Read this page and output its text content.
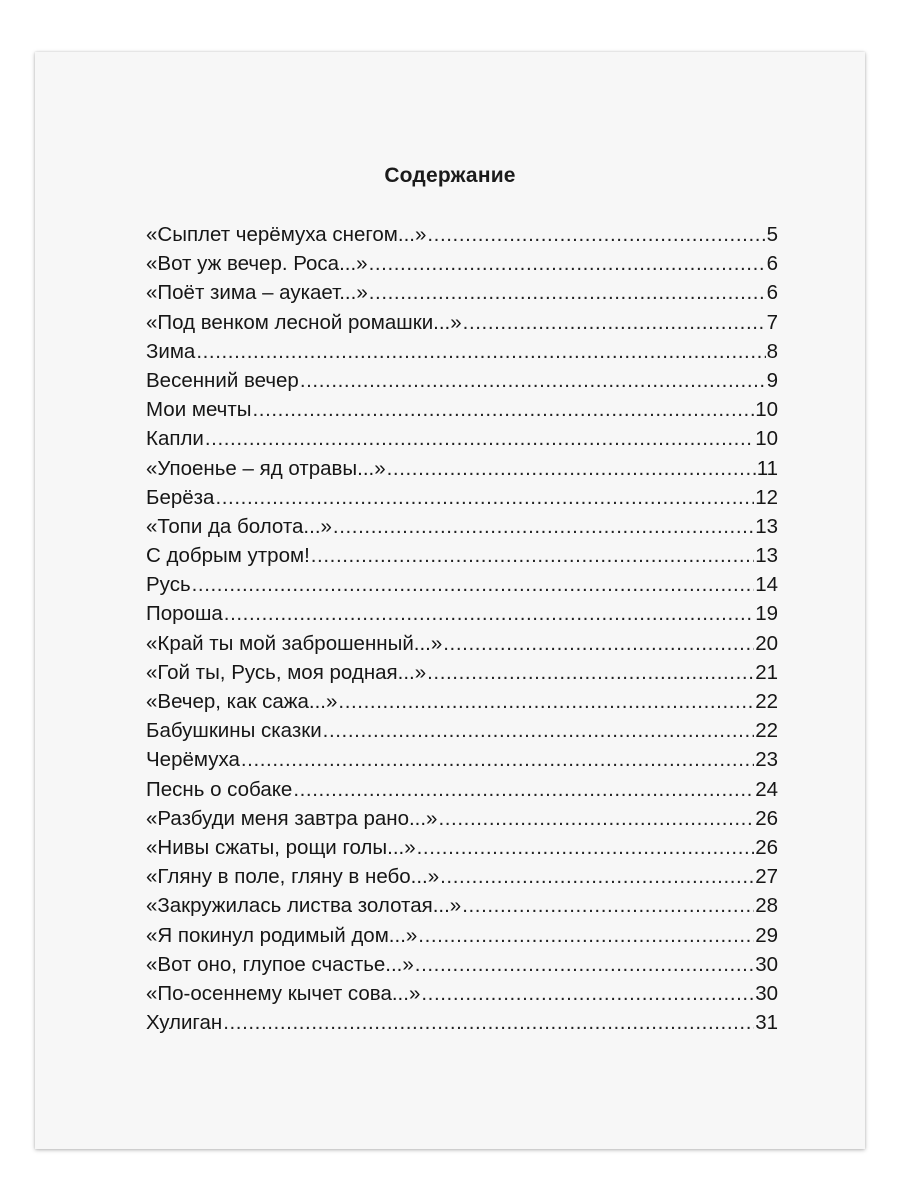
Содержание
«Сыплет черёмуха снегом...» .....	5
«Вот уж вечер. Роса...» .....	6
«Поёт зима – аукает...» .....	6
«Под венком лесной ромашки...» .....	7
Зима .....	8
Весенний вечер .....	9
Мои мечты .....	10
Капли .....	10
«Упоенье – яд отравы...» .....	11
Берёза .....	12
«Топи да болота...» .....	13
С добрым утром! .....	13
Русь .....	14
Пороша .....	19
«Край ты мой заброшенный...» .....	20
«Гой ты, Русь, моя родная...» .....	21
«Вечер, как сажа...» .....	22
Бабушкины сказки .....	22
Черёмуха .....	23
Песнь о собаке .....	24
«Разбуди меня завтра рано...» .....	26
«Нивы сжаты, рощи голы...» .....	26
«Гляну в поле, гляну в небо...» .....	27
«Закружилась листва золотая...» .....	28
«Я покинул родимый дом...» .....	29
«Вот оно, глупое счастье...» .....	30
«По-осеннему кычет сова...» .....	30
Хулиган .....	31
